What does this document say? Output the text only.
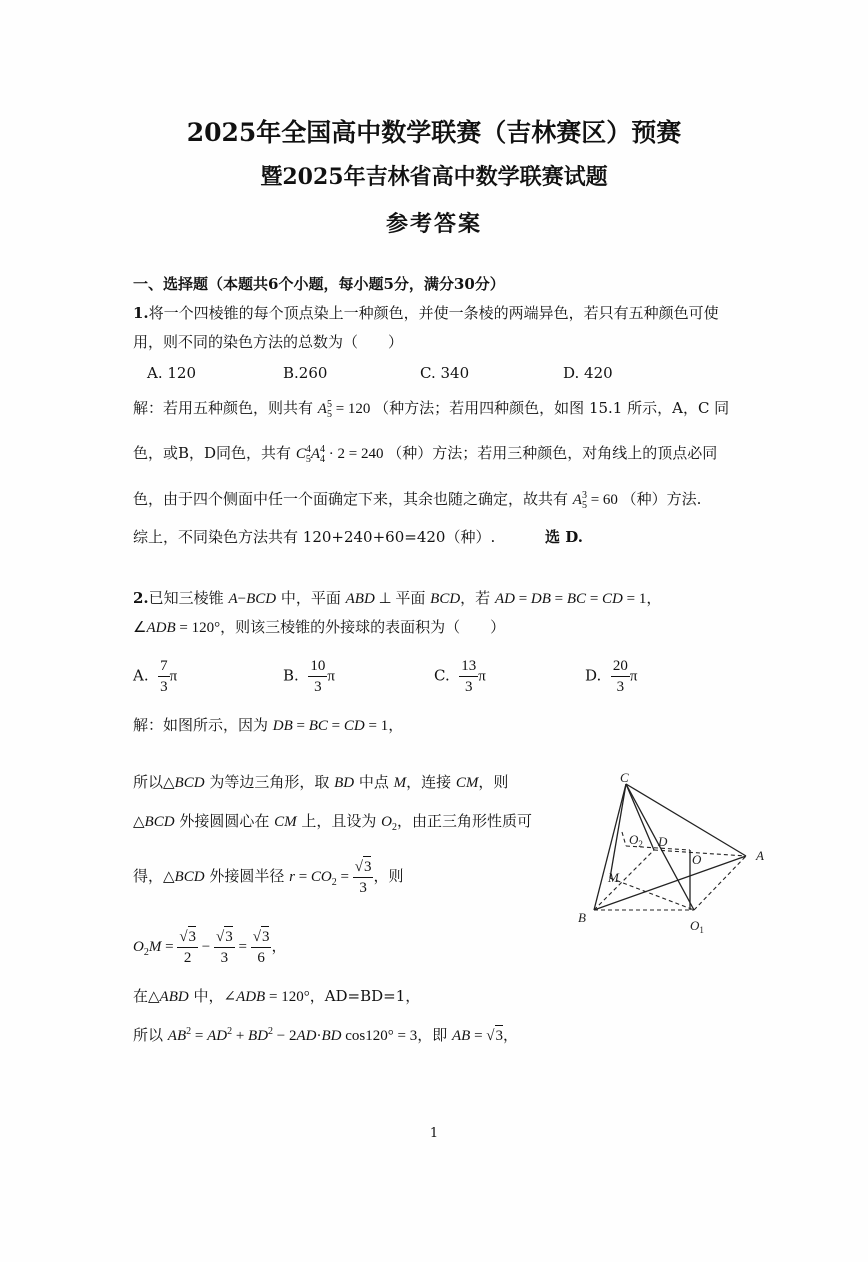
2025年全国高中数学联赛（吉林赛区）预赛
暨2025年吉林省高中数学联赛试题
参考答案
一、选择题（本题共6个小题，每小题5分，满分30分）
1.将一个四棱锥的每个顶点染上一种颜色，并使一条棱的两端异色，若只有五种颜色可使
用，则不同的染色方法的总数为（　　）
A. 120	B.260	C. 340	D. 420
解：若用五种颜色，则共有 $A_5^5 = 120$ （种方法；若用四种颜色，如图 15.1 所示，A，C 同
色，或B，D同色，共有 $C_5^4A_4^4 \cdot 2 = 240$ （种）方法；若用三种颜色，对角线上的顶点必同
色，由于四个侧面中任一个面确定下来，其余也随之确定，故共有 $A_5^3 = 60$ （种）方法.
综上，不同染色方法共有 120+240+60=420（种）.	选 D.
2.已知三棱锥 A−BCD 中，平面 ABD ⊥ 平面 BCD，若 AD = DB = BC = CD = 1，
∠ADB = 120°，则该三棱锥的外接球的表面积为（　　）
A. $\frac{7}{3}$ π	B. $\frac{10}{3}$ π	C. $\frac{13}{3}$ π	D. $\frac{20}{3}$ π
解：如图所示，因为 DB = BC = CD = 1，
所以△BCD 为等边三角形，取 BD 中点 M，连接 CM，则
△BCD 外接圆圆心在 CM 上，且设为 $O_2$，由正三角形性质可
得，△BCD 外接圆半径 $r = CO_2 = \frac{√3}{3}$ ，则
$O_2M = \frac{√3}{2} - \frac{√3}{3} = \frac{√3}{6}$ ，
在△ABD 中，∠ADB = 120°，AD=BD=1，
所以 $AB^2 = AD^2 + BD^2 - 2AD\cdot BD$ cos120° = 3，即 AB = √3，
C
$O_2$ D
O	A
M
B
$O_1$
1
